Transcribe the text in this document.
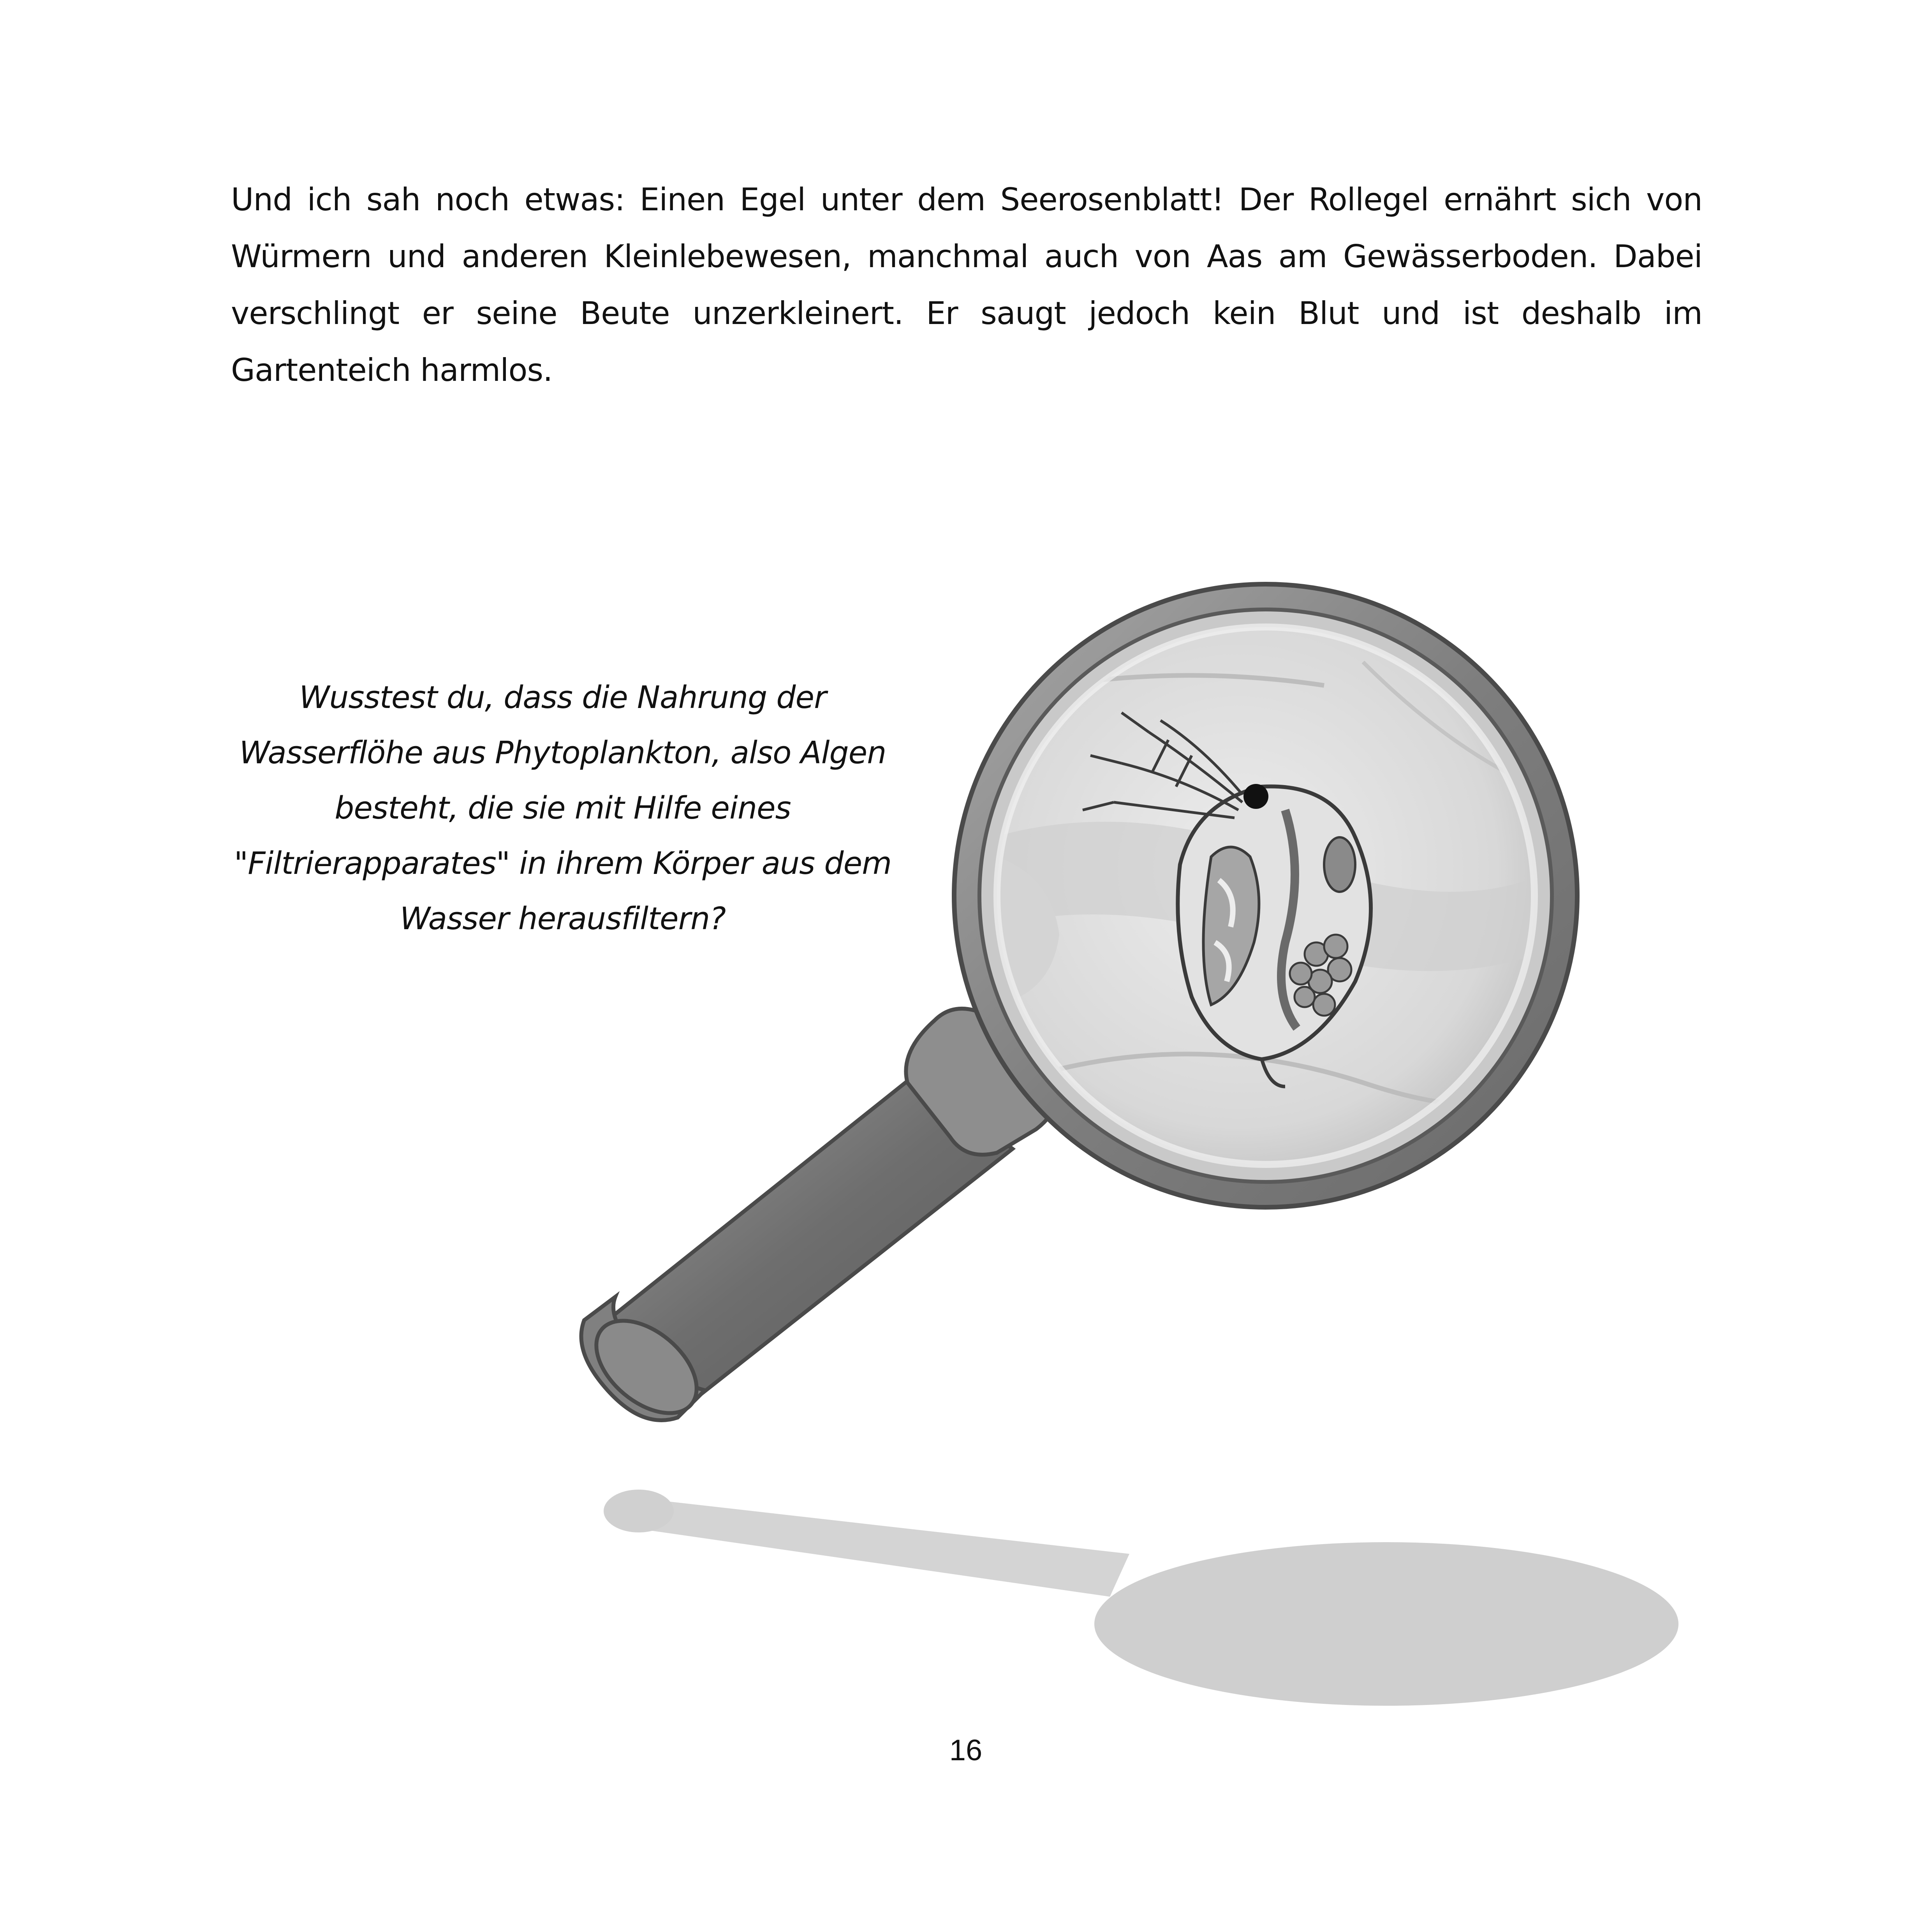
Und ich sah noch etwas: Einen Egel unter dem Seerosenblatt! Der Rollegel ernährt sich von Würmern und anderen Kleinlebewesen, manchmal auch von Aas am Gewässerboden. Dabei verschlingt er seine Beute unzerkleinert. Er saugt jedoch kein Blut und ist deshalb im Gartenteich harmlos.

Wusstest du, dass die Nahrung der Wasserflöhe aus Phytoplankton, also Algen besteht, die sie mit Hilfe eines "Filtrierapparates" in ihrem Körper aus dem Wasser herausfiltern?

16
